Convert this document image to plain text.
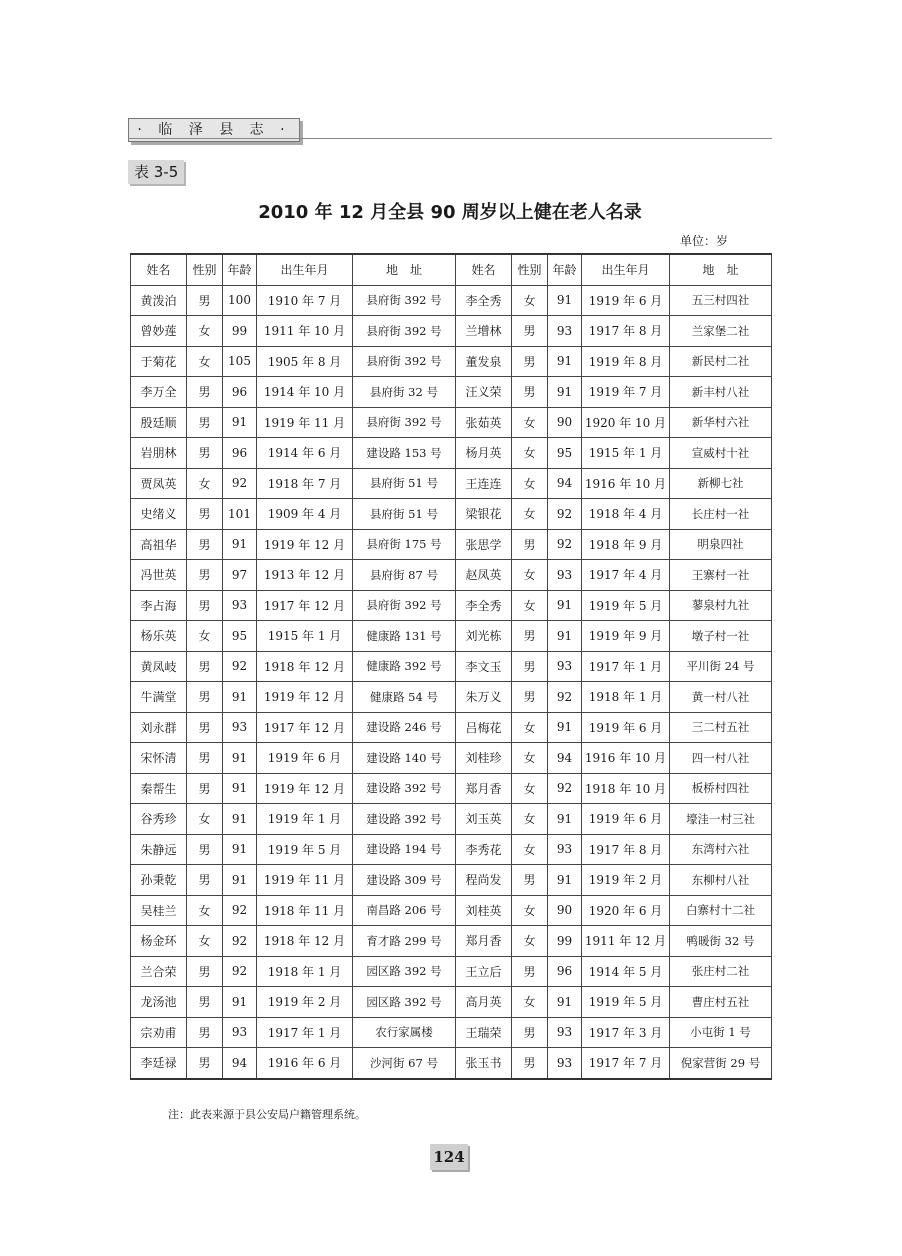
· 临 泽 县 志 ·
表 3-5
2010 年 12 月全县 90 周岁以上健在老人名录
单位：岁
姓名	性别	年龄	出生年月	地　址	姓名	性别	年龄	出生年月	地　址
黄泼泊	男	100	1910 年 7 月	县府街 392 号	李全秀	女	91	1919 年 6 月	五三村四社
曾妙莲	女	99	1911 年 10 月	县府街 392 号	兰增林	男	93	1917 年 8 月	兰家堡二社
于菊花	女	105	1905 年 8 月	县府街 392 号	董发泉	男	91	1919 年 8 月	新民村二社
李万全	男	96	1914 年 10 月	县府街 32 号	汪义荣	男	91	1919 年 7 月	新丰村八社
殷廷顺	男	91	1919 年 11 月	县府街 392 号	张茹英	女	90	1920 年 10 月	新华村六社
岩朋林	男	96	1914 年 6 月	建设路 153 号	杨月英	女	95	1915 年 1 月	宣威村十社
贾凤英	女	92	1918 年 7 月	县府街 51 号	王连连	女	94	1916 年 10 月	新柳七社
史绪义	男	101	1909 年 4 月	县府街 51 号	梁银花	女	92	1918 年 4 月	长庄村一社
高祖华	男	91	1919 年 12 月	县府街 175 号	张思学	男	92	1918 年 9 月	明泉四社
冯世英	男	97	1913 年 12 月	县府街 87 号	赵凤英	女	93	1917 年 4 月	王寨村一社
李占海	男	93	1917 年 12 月	县府街 392 号	李全秀	女	91	1919 年 5 月	蓼泉村九社
杨乐英	女	95	1915 年 1 月	健康路 131 号	刘光栋	男	91	1919 年 9 月	墩子村一社
黄凤岐	男	92	1918 年 12 月	健康路 392 号	李文玉	男	93	1917 年 1 月	平川街 24 号
牛满堂	男	91	1919 年 12 月	健康路 54 号	朱万义	男	92	1918 年 1 月	黄一村八社
刘永群	男	93	1917 年 12 月	建设路 246 号	吕梅花	女	91	1919 年 6 月	三二村五社
宋怀清	男	91	1919 年 6 月	建设路 140 号	刘桂珍	女	94	1916 年 10 月	四一村八社
秦帮生	男	91	1919 年 12 月	建设路 392 号	郑月香	女	92	1918 年 10 月	板桥村四社
谷秀珍	女	91	1919 年 1 月	建设路 392 号	刘玉英	女	91	1919 年 6 月	壕洼一村三社
朱静远	男	91	1919 年 5 月	建设路 194 号	李秀花	女	93	1917 年 8 月	东湾村六社
孙秉乾	男	91	1919 年 11 月	建设路 309 号	程尚发	男	91	1919 年 2 月	东柳村八社
吴桂兰	女	92	1918 年 11 月	南昌路 206 号	刘桂英	女	90	1920 年 6 月	白寨村十二社
杨金环	女	92	1918 年 12 月	育才路 299 号	郑月香	女	99	1911 年 12 月	鸭暖街 32 号
兰合荣	男	92	1918 年 1 月	园区路 392 号	王立后	男	96	1914 年 5 月	张庄村二社
龙汤池	男	91	1919 年 2 月	园区路 392 号	高月英	女	91	1919 年 5 月	曹庄村五社
宗劝甫	男	93	1917 年 1 月	农行家属楼	王瑞荣	男	93	1917 年 3 月	小屯街 1 号
李廷禄	男	94	1916 年 6 月	沙河街 67 号	张玉书	男	93	1917 年 7 月	倪家营街 29 号
注：此表来源于县公安局户籍管理系统。
124
